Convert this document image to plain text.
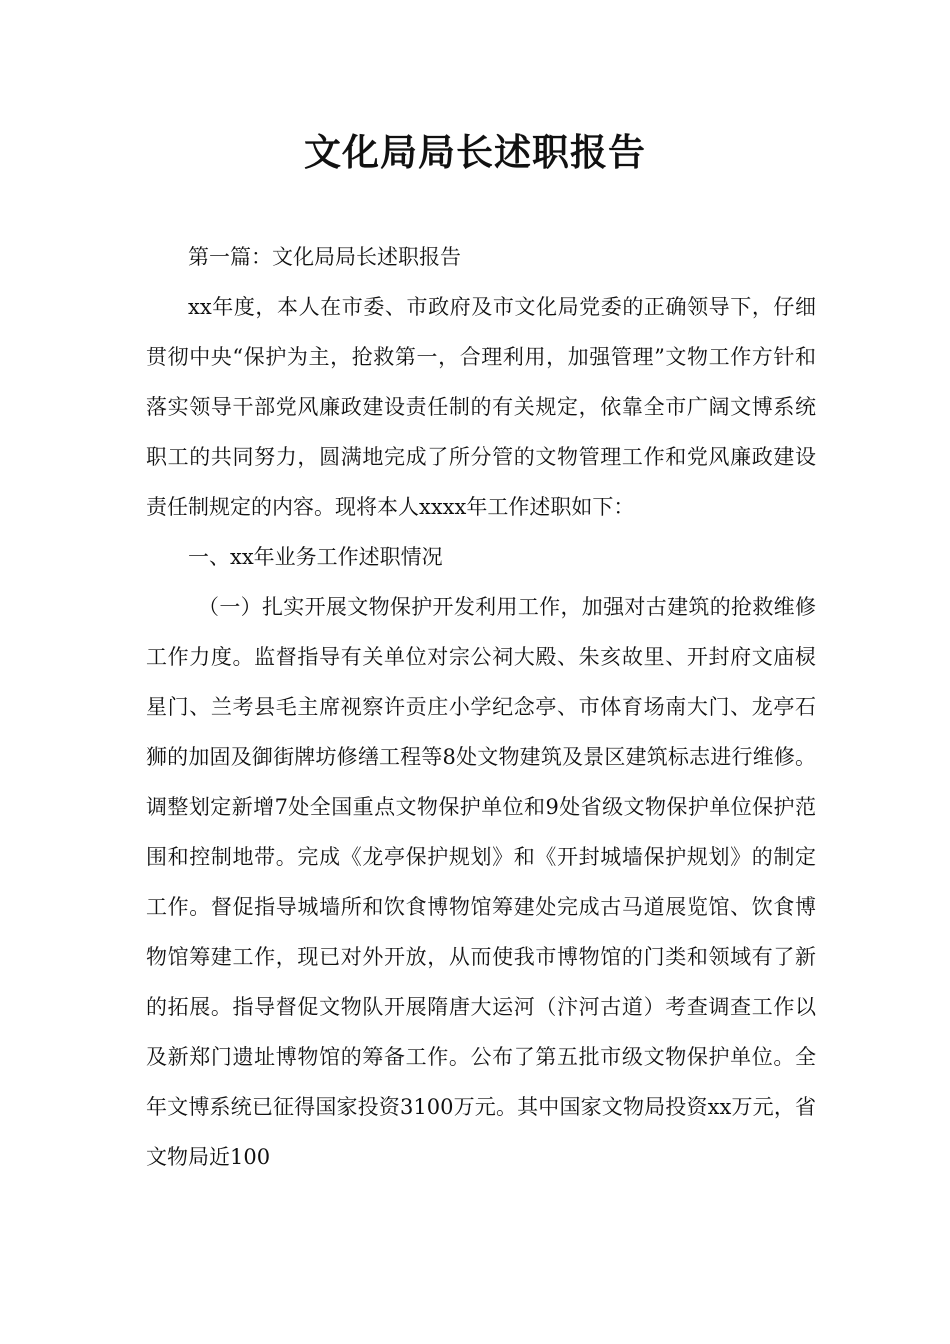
文化局局长述职报告

第一篇：文化局局长述职报告

xx年度，本人在市委、市政府及市文化局党委的正确领导下，仔细贯彻中央“保护为主，抢救第一，合理利用，加强管理”文物工作方针和落实领导干部党风廉政建设责任制的有关规定，依靠全市广阔文博系统职工的共同努力，圆满地完成了所分管的文物管理工作和党风廉政建设责任制规定的内容。现将本人xxxx年工作述职如下：

一、xx年业务工作述职情况

（一）扎实开展文物保护开发利用工作，加强对古建筑的抢救维修工作力度。监督指导有关单位对宗公祠大殿、朱亥故里、开封府文庙棂星门、兰考县毛主席视察许贡庄小学纪念亭、市体育场南大门、龙亭石狮的加固及御街牌坊修缮工程等8处文物建筑及景区建筑标志进行维修。调整划定新增7处全国重点文物保护单位和9处省级文物保护单位保护范围和控制地带。完成《龙亭保护规划》和《开封城墙保护规划》的制定工作。督促指导城墙所和饮食博物馆筹建处完成古马道展览馆、饮食博物馆筹建工作，现已对外开放，从而使我市博物馆的门类和领域有了新的拓展。指导督促文物队开展隋唐大运河（汴河古道）考查调查工作以及新郑门遗址博物馆的筹备工作。公布了第五批市级文物保护单位。全年文博系统已征得国家投资3100万元。其中国家文物局投资xx万元，省文物局近100
